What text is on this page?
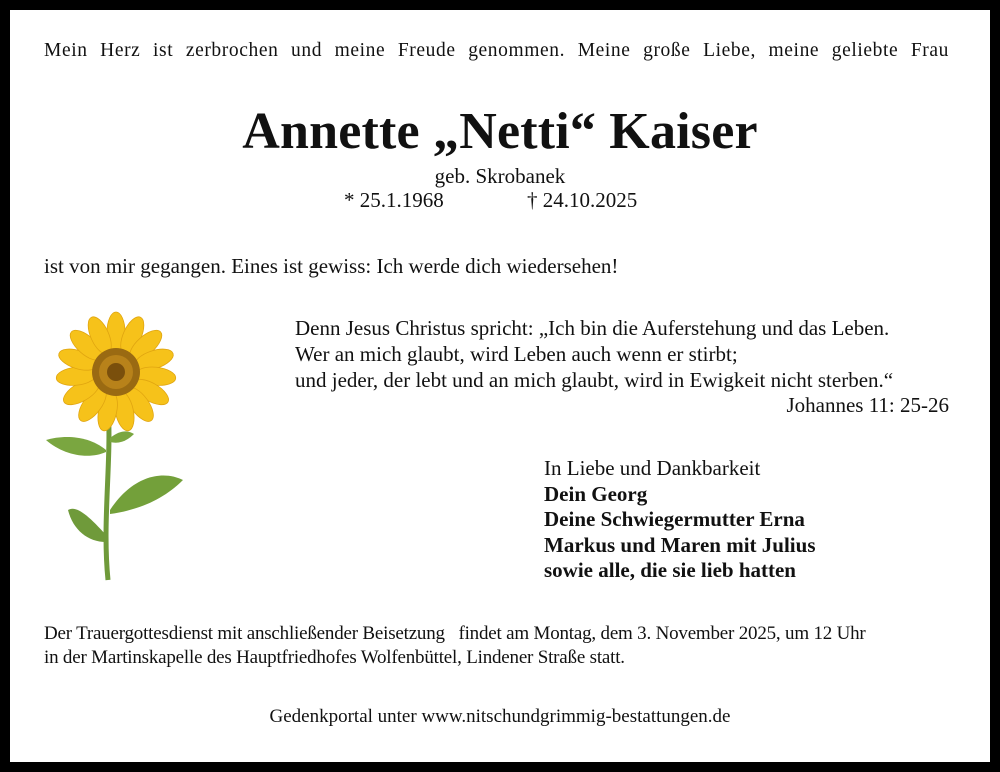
Mein Herz ist zerbrochen und meine Freude genommen. Meine große Liebe, meine geliebte Frau
Annette „Netti“ Kaiser
geb. Skrobanek
* 25.1.1968	† 24.10.2025
ist von mir gegangen. Eines ist gewiss: Ich werde dich wiedersehen!
Denn Jesus Christus spricht: „Ich bin die Auferstehung und das Leben.
Wer an mich glaubt, wird Leben auch wenn er stirbt;
und jeder, der lebt und an mich glaubt, wird in Ewigkeit nicht sterben.“
Johannes 11: 25-26
In Liebe und Dankbarkeit
Dein Georg
Deine Schwiegermutter Erna
Markus und Maren mit Julius
sowie alle, die sie lieb hatten
Der Trauergottesdienst mit anschließender Beisetzung   findet am Montag, dem 3. November 2025, um 12 Uhr
in der Martinskapelle des Hauptfriedhofes Wolfenbüttel, Lindener Straße statt.
Gedenkportal unter www.nitschundgrimmig-bestattungen.de
